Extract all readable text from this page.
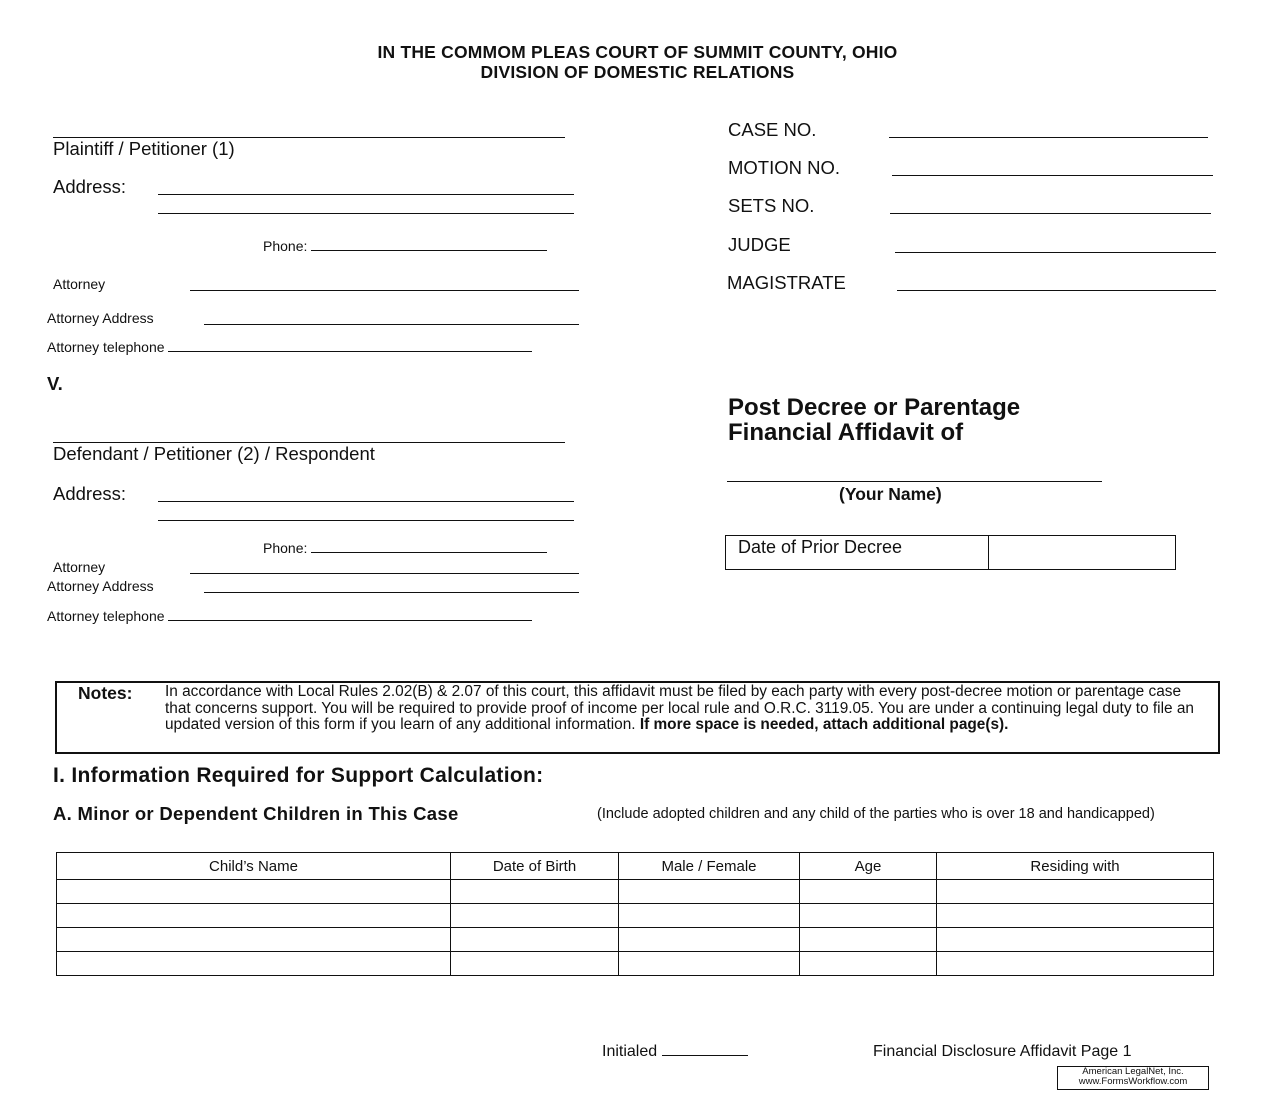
IN THE COMMOM PLEAS COURT OF SUMMIT COUNTY, OHIO
DIVISION OF DOMESTIC RELATIONS
Plaintiff / Petitioner (1)
Address:
Phone:
Attorney
Attorney Address
Attorney telephone
V.
Defendant / Petitioner (2) / Respondent
Address:
Phone:
Attorney
Attorney Address
Attorney telephone
CASE NO.
MOTION NO.
SETS NO.
JUDGE
MAGISTRATE
Post Decree or Parentage
Financial Affidavit of
(Your Name)
Date of Prior Decree
Notes: In accordance with Local Rules 2.02(B) & 2.07 of this court, this affidavit must be filed by each party with every post-decree motion or parentage case that concerns support. You will be required to provide proof of income per local rule and O.R.C. 3119.05. You are under a continuing legal duty to file an updated version of this form if you learn of any additional information. If more space is needed, attach additional page(s).
I. Information Required for Support Calculation:
A. Minor or Dependent Children in This Case	(Include adopted children and any child of the parties who is over 18 and handicapped)
Child’s Name	Date of Birth	Male / Female	Age	Residing with

Initialed	Financial Disclosure Affidavit Page 1
American LegalNet, Inc.
www.FormsWorkflow.com
